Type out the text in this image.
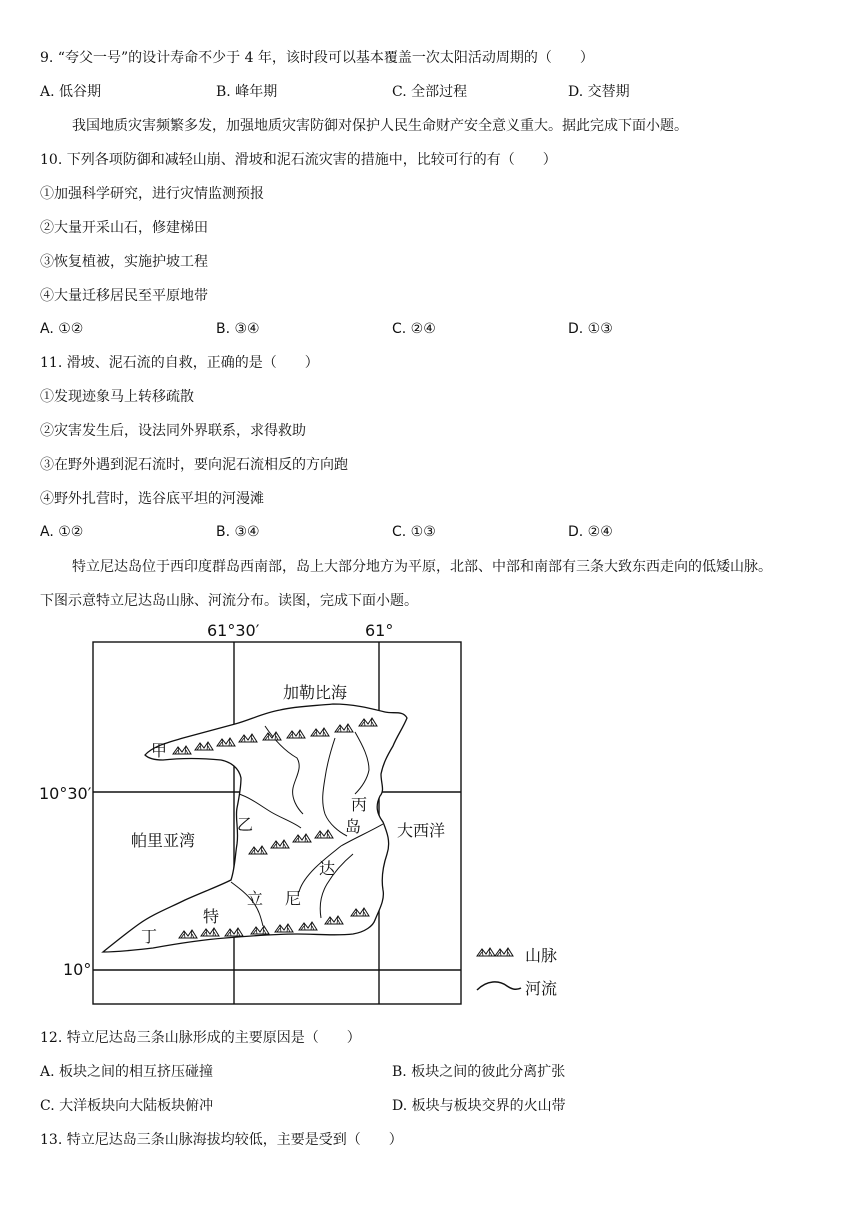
9. “夸父一号”的设计寿命不少于 4 年，该时段可以基本覆盖一次太阳活动周期的（　　）
A. 低谷期	B. 峰年期	C. 全部过程	D. 交替期
我国地质灾害频繁多发，加强地质灾害防御对保护人民生命财产安全意义重大。据此完成下面小题。
10. 下列各项防御和减轻山崩、滑坡和泥石流灾害的措施中，比较可行的有（　　）
①加强科学研究，进行灾情监测预报
②大量开采山石，修建梯田
③恢复植被，实施护坡工程
④大量迁移居民至平原地带
A. ①②	B. ③④	C. ②④	D. ①③
11. 滑坡、泥石流的自救，正确的是（　　）
①发现迹象马上转移疏散
②灾害发生后，设法同外界联系，求得救助
③在野外遇到泥石流时，要向泥石流相反的方向跑
④野外扎营时，选谷底平坦的河漫滩
A. ①②	B. ③④	C. ①③	D. ②④
特立尼达岛位于西印度群岛西南部，岛上大部分地方为平原，北部、中部和南部有三条大致东西走向的低矮山脉。
下图示意特立尼达岛山脉、河流分布。读图，完成下面小题。
61°30′	61°
10°30′
10°
加勒比海
甲
帕里亚湾
大西洋
乙
丙
岛
达
立 尼
特
丁
山脉
河流
12. 特立尼达岛三条山脉形成的主要原因是（　　）
A. 板块之间的相互挤压碰撞	B. 板块之间的彼此分离扩张
C. 大洋板块向大陆板块俯冲	D. 板块与板块交界的火山带
13. 特立尼达岛三条山脉海拔均较低，主要是受到（　　）
